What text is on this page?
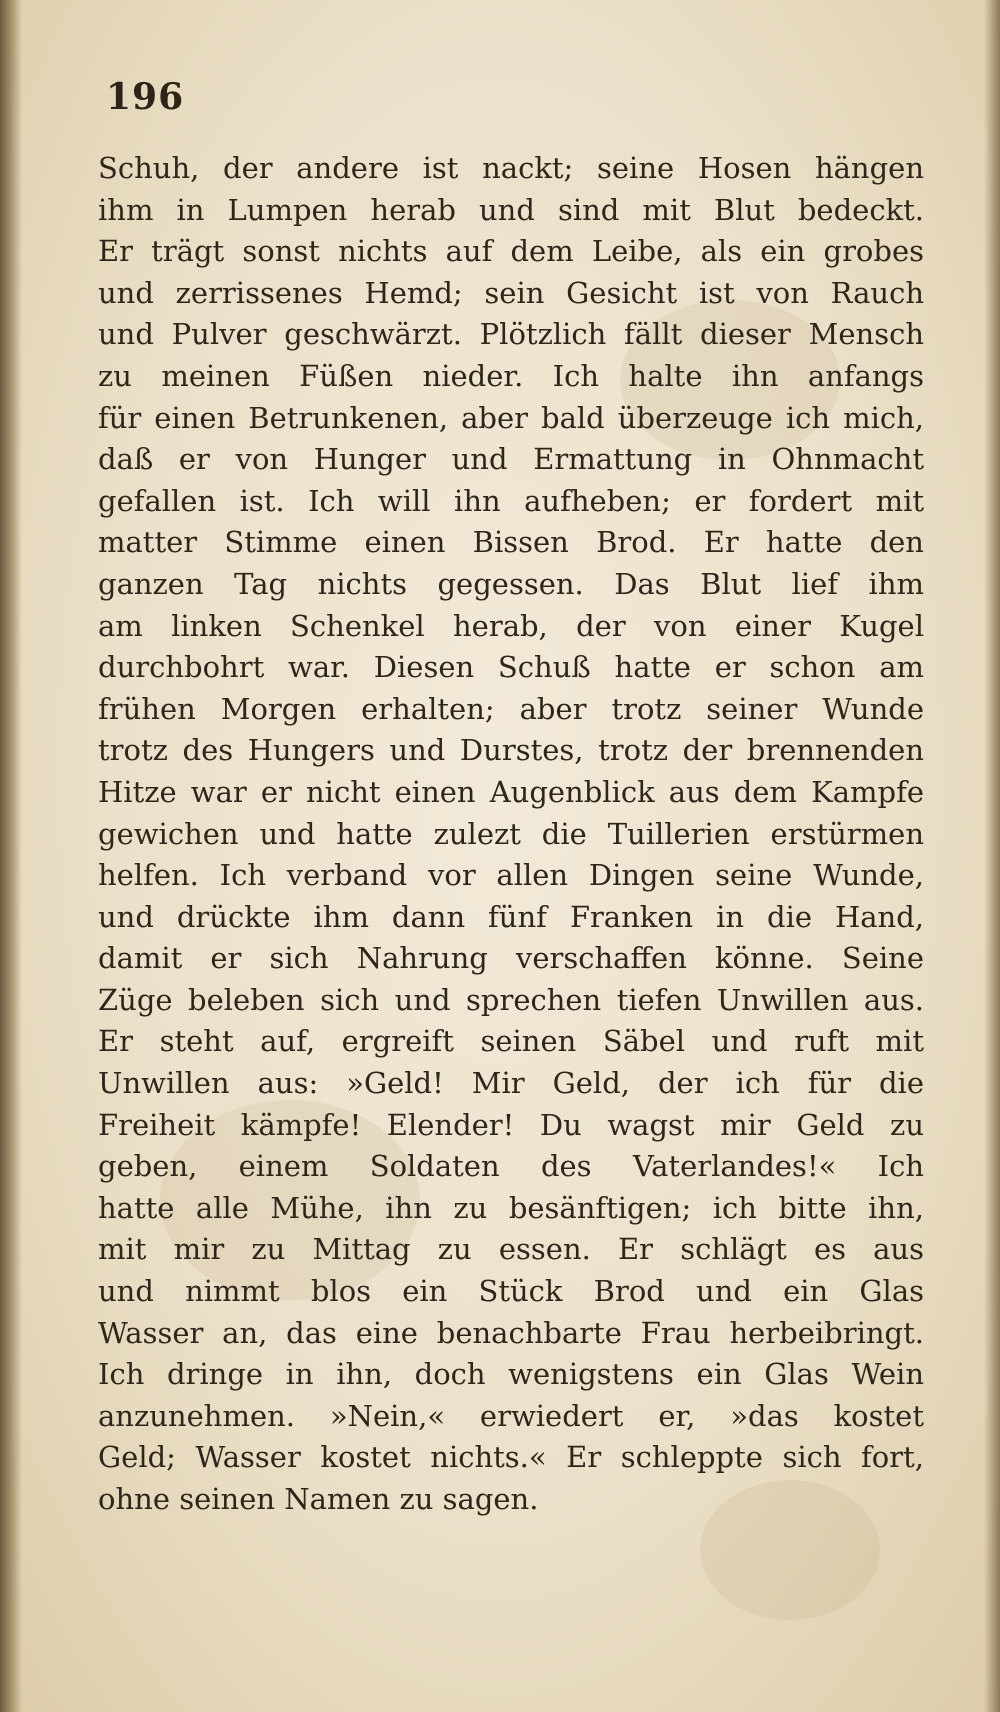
196
Schuh, der andere ist nackt; seine Hosen hängen
ihm in Lumpen herab und sind mit Blut bedeckt.
Er trägt sonst nichts auf dem Leibe, als ein grobes
und zerrissenes Hemd; sein Gesicht ist von Rauch
und Pulver geschwärzt. Plötzlich fällt dieser Mensch
zu meinen Füßen nieder. Ich halte ihn anfangs
für einen Betrunkenen, aber bald überzeuge ich mich,
daß er von Hunger und Ermattung in Ohnmacht
gefallen ist. Ich will ihn aufheben; er fordert mit
matter Stimme einen Bissen Brod. Er hatte den
ganzen Tag nichts gegessen. Das Blut lief ihm
am linken Schenkel herab, der von einer Kugel
durchbohrt war. Diesen Schuß hatte er schon am
frühen Morgen erhalten; aber trotz seiner Wunde
trotz des Hungers und Durstes, trotz der brennenden
Hitze war er nicht einen Augenblick aus dem Kampfe
gewichen und hatte zulezt die Tuillerien erstürmen
helfen. Ich verband vor allen Dingen seine Wunde,
und drückte ihm dann fünf Franken in die Hand,
damit er sich Nahrung verschaffen könne. Seine
Züge beleben sich und sprechen tiefen Unwillen aus.
Er steht auf, ergreift seinen Säbel und ruft mit
Unwillen aus: »Geld! Mir Geld, der ich für die
Freiheit kämpfe! Elender! Du wagst mir Geld zu
geben, einem Soldaten des Vaterlandes!« Ich
hatte alle Mühe, ihn zu besänftigen; ich bitte ihn,
mit mir zu Mittag zu essen. Er schlägt es aus
und nimmt blos ein Stück Brod und ein Glas
Wasser an, das eine benachbarte Frau herbeibringt.
Ich dringe in ihn, doch wenigstens ein Glas Wein
anzunehmen. »Nein,« erwiedert er, »das kostet
Geld; Wasser kostet nichts.« Er schleppte sich fort,
ohne seinen Namen zu sagen.
